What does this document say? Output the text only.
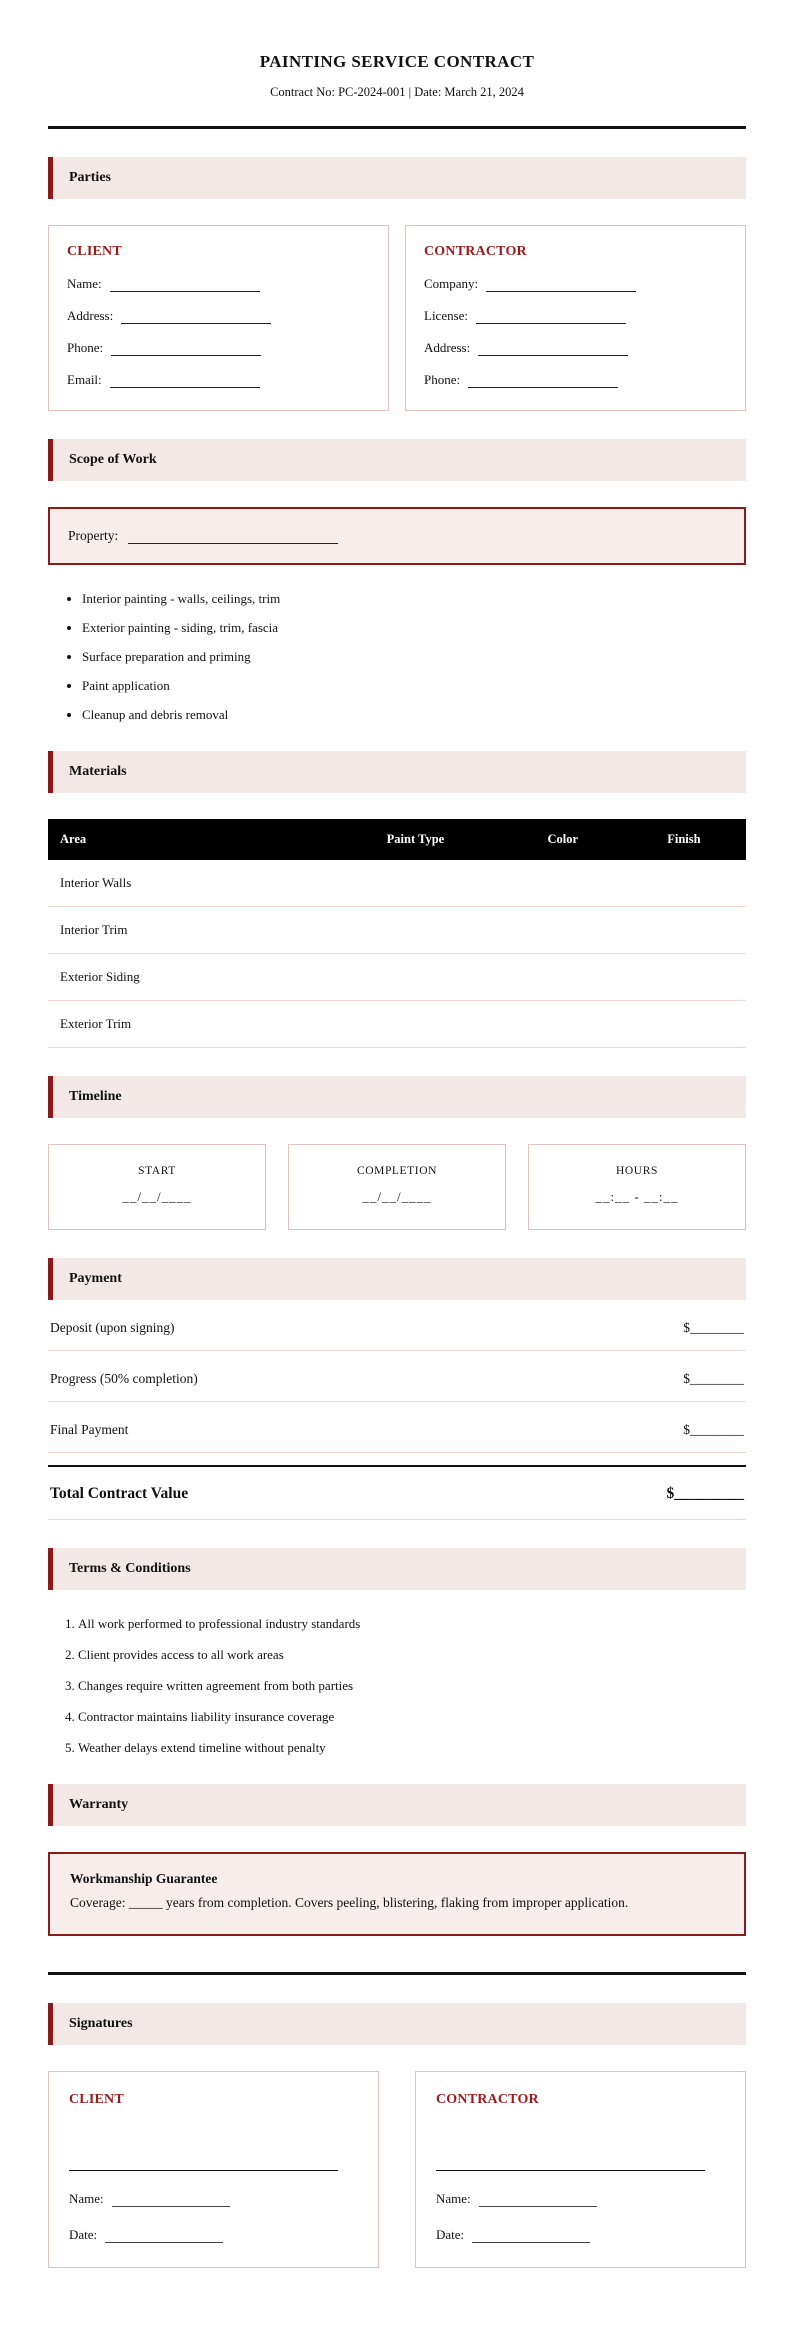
PAINTING SERVICE CONTRACT

Contract No: PC-2024-001 | Date: March 21, 2024

Parties
CLIENT
Name:
Address:
Phone:
Email:
CONTRACTOR
Company:
License:
Address:
Phone:
Scope of Work
Property:
• Interior painting - walls, ceilings, trim
• Exterior painting - siding, trim, fascia
• Surface preparation and priming
• Paint application
• Cleanup and debris removal
Materials
Area	Paint Type	Color	Finish
Interior Walls			
Interior Trim			
Exterior Siding			
Exterior Trim			
Timeline
START
__/__/____
COMPLETION
__/__/____
HOURS
__:__ - __:__
Payment
Deposit (upon signing)	$________
Progress (50% completion)	$________
Final Payment	$________
Total Contract Value	$_________
Terms & Conditions
1. All work performed to professional industry standards
2. Client provides access to all work areas
3. Changes require written agreement from both parties
4. Contractor maintains liability insurance coverage
5. Weather delays extend timeline without penalty
Warranty

Workmanship Guarantee

Coverage: _____ years from completion. Covers peeling, blistering, flaking from improper application.

Signatures
CLIENT
Name:
Date:
CONTRACTOR
Name:
Date:
